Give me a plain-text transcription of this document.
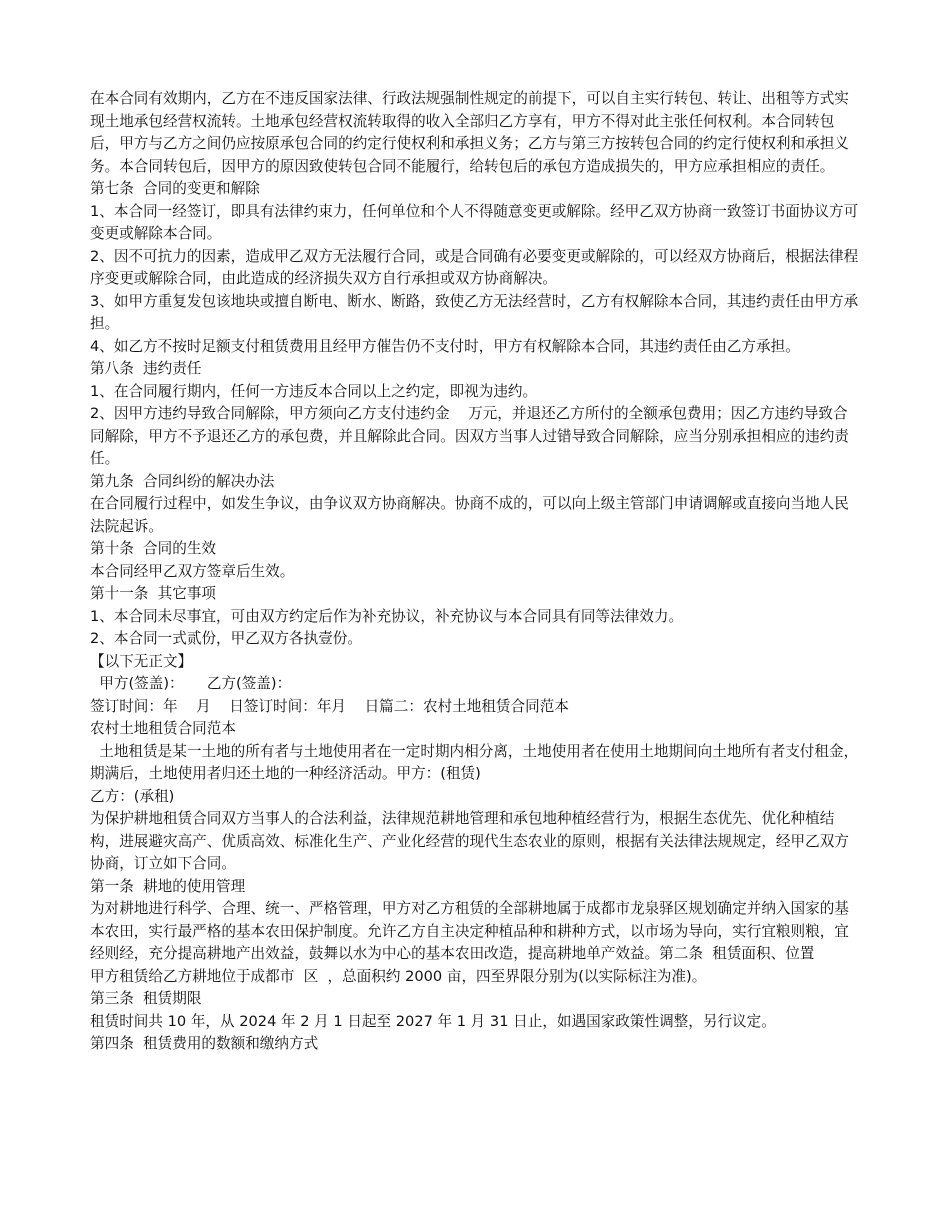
在本合同有效期内，乙方在不违反国家法律、行政法规强制性规定的前提下，可以自主实行转包、转让、出租等方式实现土地承包经营权流转。土地承包经营权流转取得的收入全部归乙方享有，甲方不得对此主张任何权利。本合同转包后，甲方与乙方之间仍应按原承包合同的约定行使权利和承担义务；乙方与第三方按转包合同的约定行使权利和承担义务。本合同转包后，因甲方的原因致使转包合同不能履行，给转包后的承包方造成损失的，甲方应承担相应的责任。

第七条  合同的变更和解除

1、本合同一经签订，即具有法律约束力，任何单位和个人不得随意变更或解除。经甲乙双方协商一致签订书面协议方可变更或解除本合同。

2、因不可抗力的因素，造成甲乙双方无法履行合同，或是合同确有必要变更或解除的，可以经双方协商后，根据法律程序变更或解除合同，由此造成的经济损失双方自行承担或双方协商解决。

3、如甲方重复发包该地块或擅自断电、断水、断路，致使乙方无法经营时，乙方有权解除本合同，其违约责任由甲方承担。

4、如乙方不按时足额支付租赁费用且经甲方催告仍不支付时，甲方有权解除本合同，其违约责任由乙方承担。

第八条  违约责任

1、在合同履行期内，任何一方违反本合同以上之约定，即视为违约。

2、因甲方违约导致合同解除，甲方须向乙方支付违约金    万元，并退还乙方所付的全额承包费用；因乙方违约导致合同解除，甲方不予退还乙方的承包费，并且解除此合同。因双方当事人过错导致合同解除，应当分别承担相应的违约责任。

第九条  合同纠纷的解决办法

在合同履行过程中，如发生争议，由争议双方协商解决。协商不成的，可以向上级主管部门申请调解或直接向当地人民法院起诉。

第十条  合同的生效

本合同经甲乙双方签章后生效。

第十一条  其它事项

1、本合同未尽事宜，可由双方约定后作为补充协议，补充协议与本合同具有同等法律效力。

2、本合同一式贰份，甲乙双方各执壹份。

【以下无正文】

甲方(签盖)：     乙方(签盖)：

签订时间：年    月    日签订时间：年月    日篇二：农村土地租赁合同范本

农村土地租赁合同范本

土地租赁是某一土地的所有者与土地使用者在一定时期内相分离，土地使用者在使用土地期间向土地所有者支付租金，期满后，土地使用者归还土地的一种经济活动。甲方：(租赁)

乙方：(承租)

为保护耕地租赁合同双方当事人的合法利益，法律规范耕地管理和承包地种植经营行为，根据生态优先、优化种植结构，进展避灾高产、优质高效、标准化生产、产业化经营的现代生态农业的原则，根据有关法律法规规定，经甲乙双方协商，订立如下合同。

第一条  耕地的使用管理

为对耕地进行科学、合理、统一、严格管理，甲方对乙方租赁的全部耕地属于成都市龙泉驿区规划确定并纳入国家的基本农田，实行最严格的基本农田保护制度。允许乙方自主决定种植品种和耕种方式，以市场为导向，实行宜粮则粮，宜经则经，充分提高耕地产出效益，鼓舞以水为中心的基本农田改造，提高耕地单产效益。第二条  租赁面积、位置

甲方租赁给乙方耕地位于成都市  区  ，总面积约 2000 亩，四至界限分别为(以实际标注为准)。

第三条  租赁期限

租赁时间共 10 年，从 2024 年 2 月 1 日起至 2027 年 1 月 31 日止，如遇国家政策性调整，另行议定。

第四条  租赁费用的数额和缴纳方式
